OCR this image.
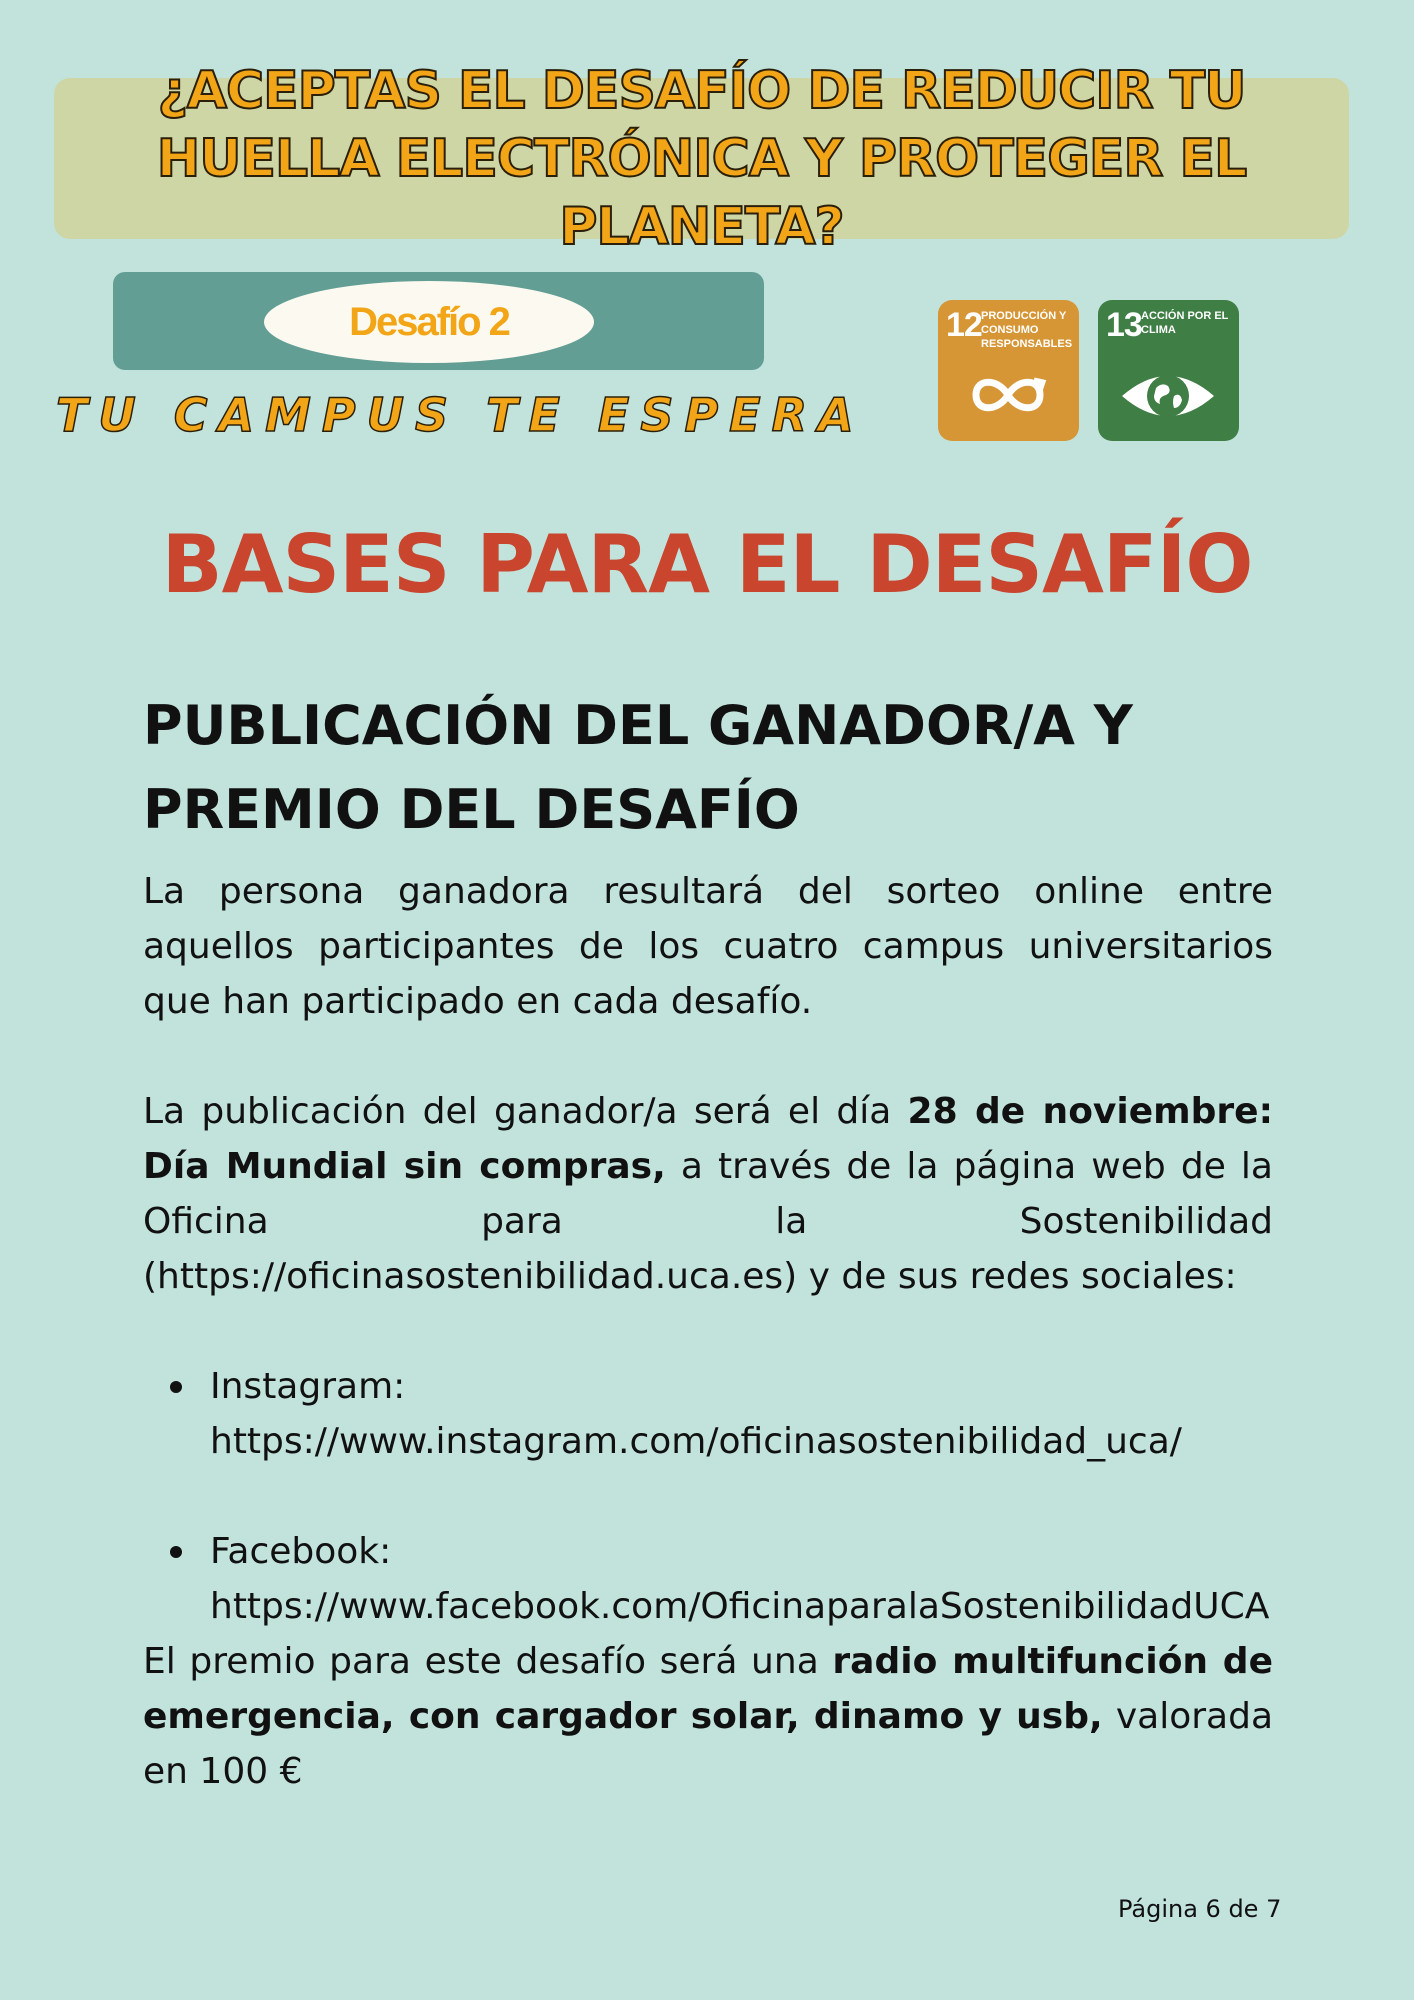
¿ACEPTAS EL DESAFÍO DE REDUCIR TU HUELLA ELECTRÓNICA Y PROTEGER EL PLANETA?
Desafío 2
TU CAMPUS TE ESPERA
12 PRODUCCIÓN Y CONSUMO RESPONSABLES 13 ACCIÓN POR EL CLIMA
BASES PARA EL DESAFÍO
PUBLICACIÓN DEL GANADOR/A Y PREMIO DEL DESAFÍO

La persona ganadora resultará del sorteo online entre aquellos participantes de los cuatro campus universitarios que han participado en cada desafío.

La publicación del ganador/a será el día 28 de noviembre: Día Mundial sin compras, a través de la página web de la Oficina para la Sostenibilidad (https://oficinasostenibilidad.uca.es) y de sus redes sociales:

Instagram:
https://www.instagram.com/oficinasostenibilidad_uca/
Facebook:
https://www.facebook.com/OficinaparalaSostenibilidadUCA

El premio para este desafío será una radio multifunción de emergencia, con cargador solar, dinamo y usb, valorada en 100 €

Página 6 de 7
